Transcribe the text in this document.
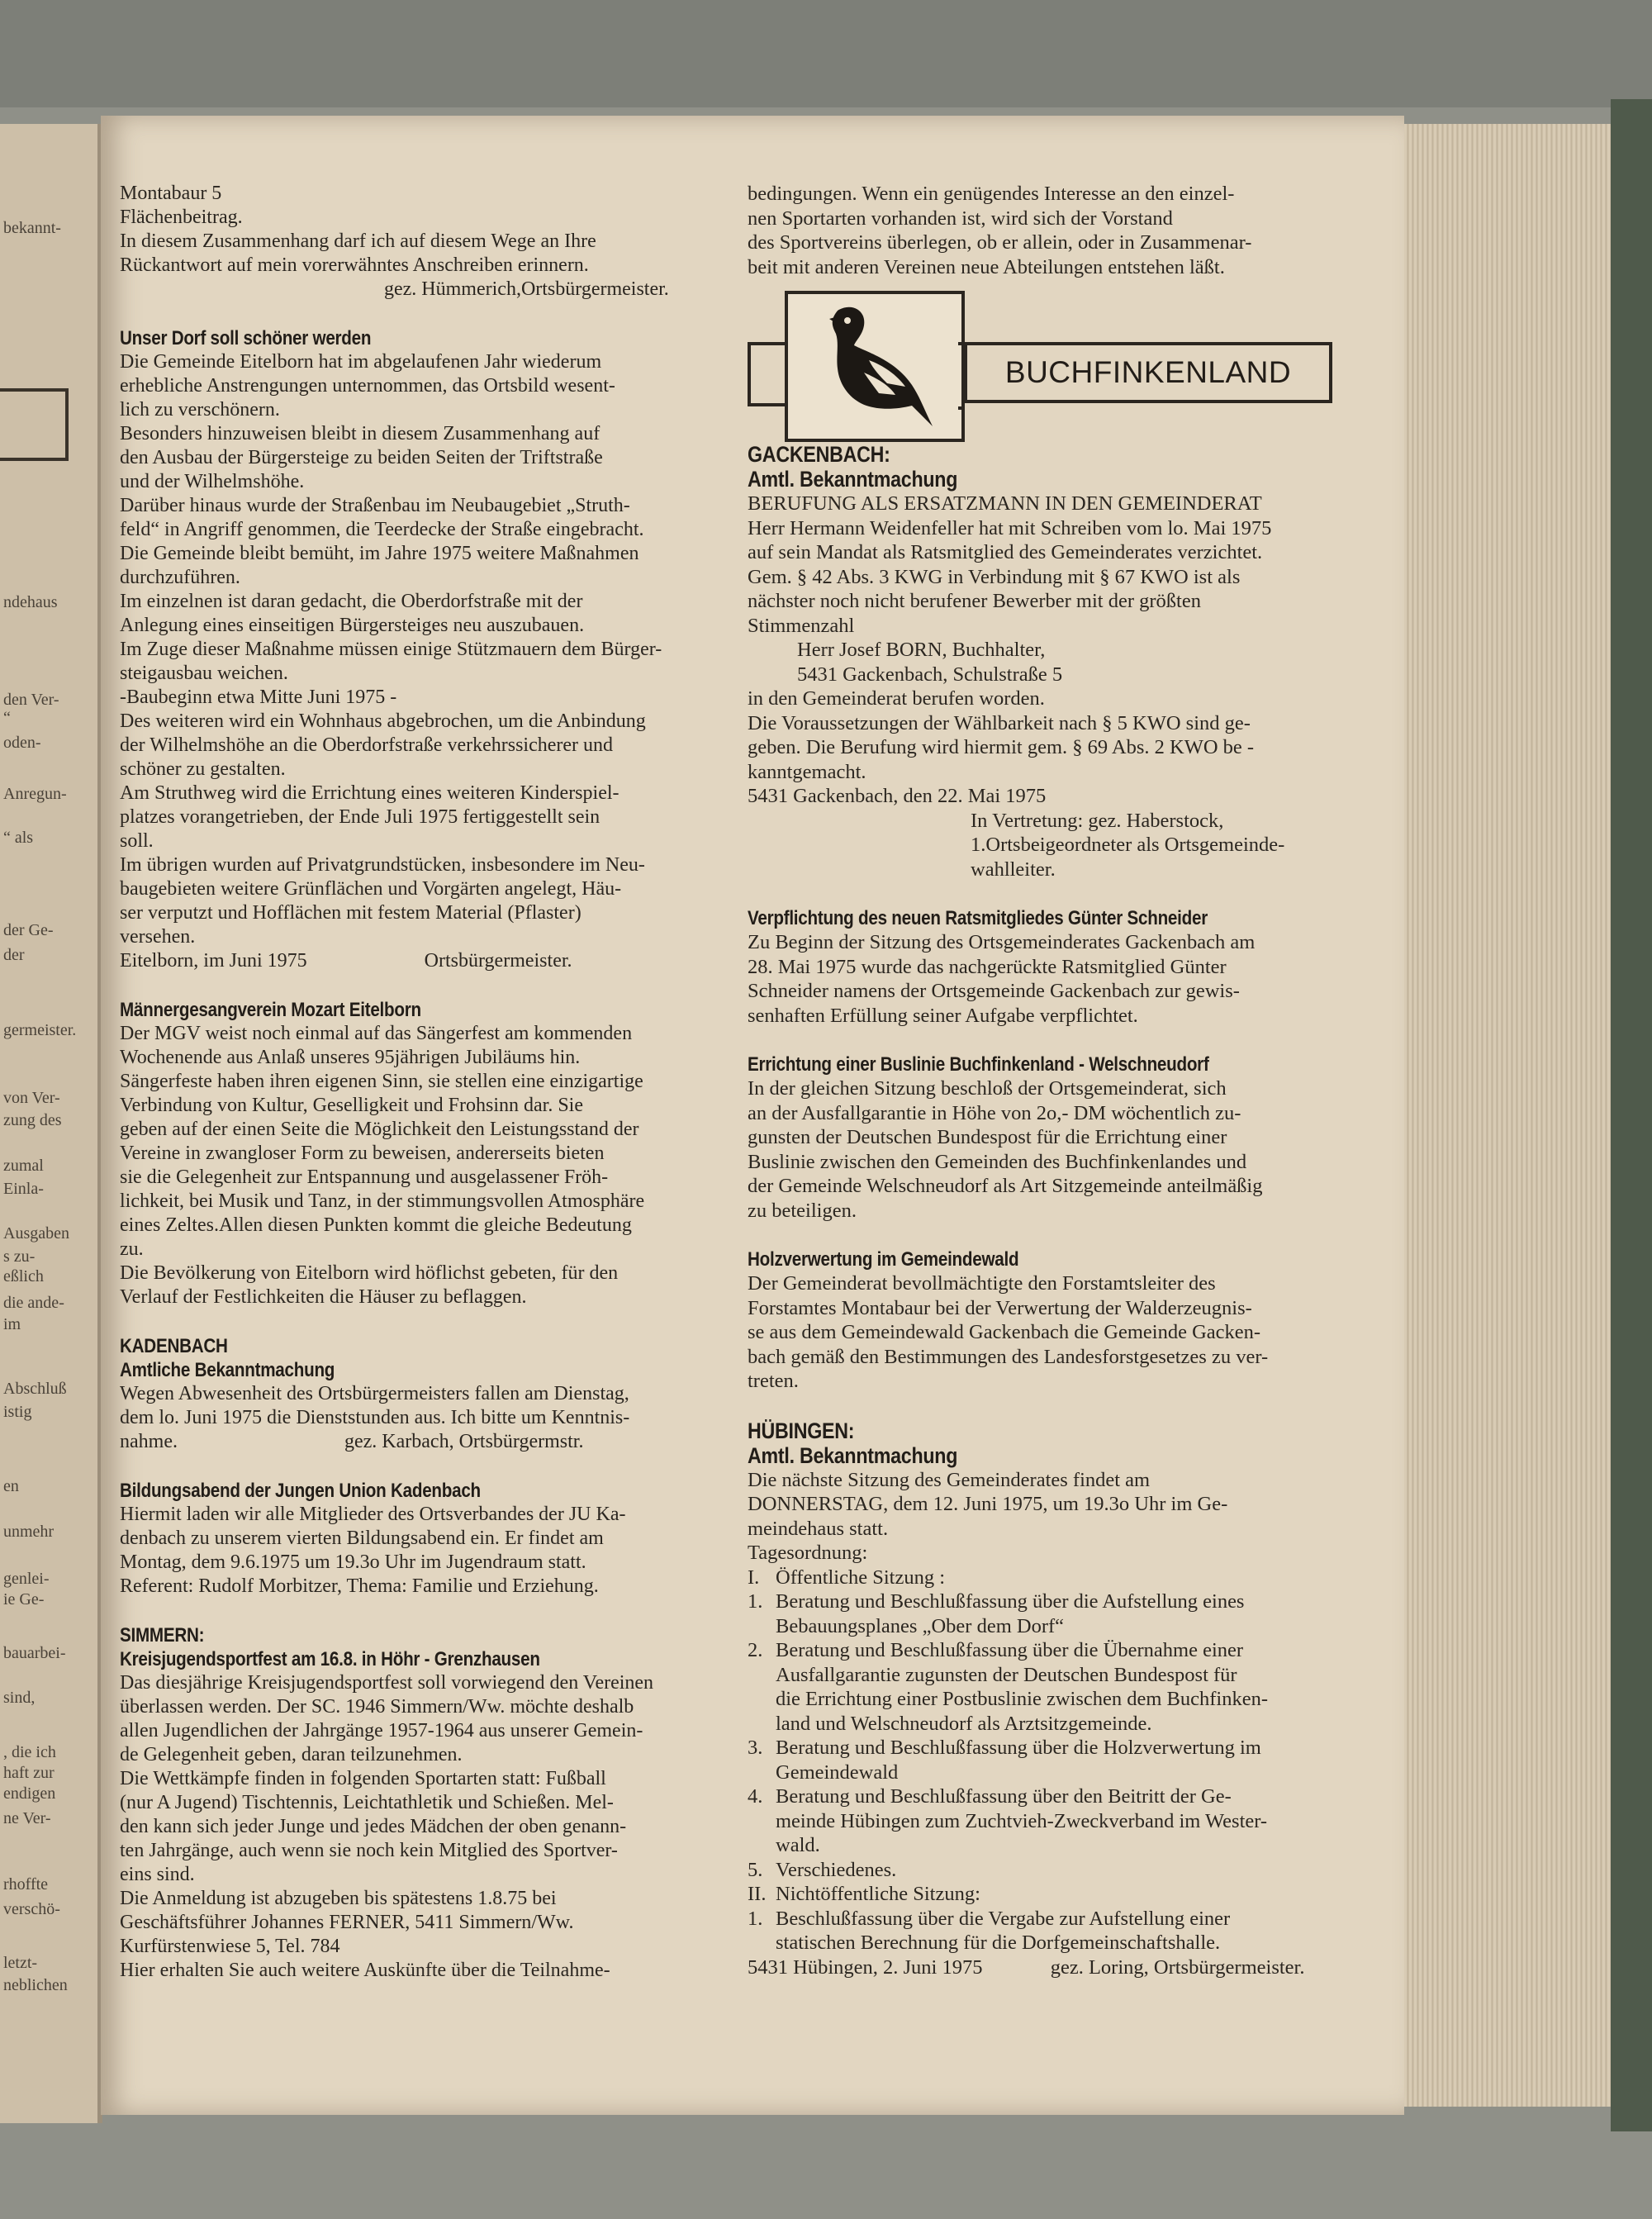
bekannt-
ndehaus
den Ver-
“
oden-
Anregun-
“ als
der Ge-
der
germeister.
von Ver-
zung des
zumal
Einla-
Ausgaben
s zu-
eßlich
die ande-
im
Abschluß
istig
en
unmehr
genlei-
ie Ge-
bauarbei-
sind,
, die ich
haft zur
endigen
ne Ver-
rhoffte
verschö-
letzt-
neblichen
Montabaur 5
Flächenbeitrag.
In diesem Zusammenhang darf ich auf diesem Wege an Ihre
Rückantwort auf mein vorerwähntes Anschreiben erinnern.
gez. Hümmerich,Ortsbürgermeister.
Unser Dorf soll schöner werden
Die Gemeinde Eitelborn hat im abgelaufenen Jahr wiederum
erhebliche Anstrengungen unternommen, das Ortsbild wesent-
lich zu verschönern.
Besonders hinzuweisen bleibt in diesem Zusammenhang auf
den Ausbau der Bürgersteige zu beiden Seiten der Triftstraße
und der Wilhelmshöhe.
Darüber hinaus wurde der Straßenbau im Neubaugebiet „Struth-
feld“ in Angriff genommen, die Teerdecke der Straße eingebracht.
Die Gemeinde bleibt bemüht, im Jahre 1975 weitere Maßnahmen
durchzuführen.
Im einzelnen ist daran gedacht, die Oberdorfstraße mit der
Anlegung eines einseitigen Bürgersteiges neu auszubauen.
Im Zuge dieser Maßnahme müssen einige Stützmauern dem Bürger-
steigausbau weichen.
-Baubeginn etwa Mitte Juni 1975 -
Des weiteren wird ein Wohnhaus abgebrochen, um die Anbindung
der Wilhelmshöhe an die Oberdorfstraße verkehrssicherer und
schöner zu gestalten.
Am Struthweg wird die Errichtung eines weiteren Kinderspiel-
platzes vorangetrieben, der Ende Juli 1975 fertiggestellt sein
soll.
Im übrigen wurden auf Privatgrundstücken, insbesondere im Neu-
baugebieten weitere Grünflächen und Vorgärten angelegt, Häu-
ser verputzt und Hofflächen mit festem Material (Pflaster)
versehen.
Eitelborn, im Juni 1975	Ortsbürgermeister.
Männergesangverein Mozart Eitelborn
Der MGV weist noch einmal auf das Sängerfest am kommenden
Wochenende aus Anlaß unseres 95jährigen Jubiläums hin.
Sängerfeste haben ihren eigenen Sinn, sie stellen eine einzigartige
Verbindung von Kultur, Geselligkeit und Frohsinn dar. Sie
geben auf der einen Seite die Möglichkeit den Leistungsstand der
Vereine in zwangloser Form zu beweisen, andererseits bieten
sie die Gelegenheit zur Entspannung und ausgelassener Fröh-
lichkeit, bei Musik und Tanz, in der stimmungsvollen Atmosphäre
eines Zeltes.Allen diesen Punkten kommt die gleiche Bedeutung
zu.
Die Bevölkerung von Eitelborn wird höflichst gebeten, für den
Verlauf der Festlichkeiten die Häuser zu beflaggen.
KADENBACH
Amtliche Bekanntmachung
Wegen Abwesenheit des Ortsbürgermeisters fallen am Dienstag,
dem lo. Juni 1975 die Dienststunden aus. Ich bitte um Kenntnis-
nahme.	gez. Karbach, Ortsbürgermstr.
Bildungsabend der Jungen Union Kadenbach
Hiermit laden wir alle Mitglieder des Ortsverbandes der JU Ka-
denbach zu unserem vierten Bildungsabend ein. Er findet am
Montag, dem 9.6.1975 um 19.3o Uhr im Jugendraum statt.
Referent: Rudolf Morbitzer, Thema: Familie und Erziehung.
SIMMERN:
Kreisjugendsportfest am 16.8. in Höhr - Grenzhausen
Das diesjährige Kreisjugendsportfest soll vorwiegend den Vereinen
überlassen werden. Der SC. 1946 Simmern/Ww. möchte deshalb
allen Jugendlichen der Jahrgänge 1957-1964 aus unserer Gemein-
de Gelegenheit geben, daran teilzunehmen.
Die Wettkämpfe finden in folgenden Sportarten statt: Fußball
(nur A Jugend) Tischtennis, Leichtathletik und Schießen. Mel-
den kann sich jeder Junge und jedes Mädchen der oben genann-
ten Jahrgänge, auch wenn sie noch kein Mitglied des Sportver-
eins sind.
Die Anmeldung ist abzugeben bis spätestens 1.8.75 bei
Geschäftsführer Johannes FERNER, 5411 Simmern/Ww.
Kurfürstenwiese 5, Tel. 784
Hier erhalten Sie auch weitere Auskünfte über die Teilnahme-
bedingungen. Wenn ein genügendes Interesse an den einzel-
nen Sportarten vorhanden ist, wird sich der Vorstand
des Sportvereins überlegen, ob er allein, oder in Zusammenar-
beit mit anderen Vereinen neue Abteilungen entstehen läßt.
BUCHFINKENLAND
GACKENBACH:
Amtl. Bekanntmachung
BERUFUNG ALS ERSATZMANN IN DEN GEMEINDERAT
Herr Hermann Weidenfeller hat mit Schreiben vom lo. Mai 1975
auf sein Mandat als Ratsmitglied des Gemeinderates verzichtet.
Gem. § 42 Abs. 3 KWG in Verbindung mit § 67 KWO ist als
nächster noch nicht berufener Bewerber mit der größten
Stimmenzahl
Herr Josef BORN, Buchhalter,
5431 Gackenbach, Schulstraße 5
in den Gemeinderat berufen worden.
Die Voraussetzungen der Wählbarkeit nach § 5 KWO sind ge-
geben. Die Berufung wird hiermit gem. § 69 Abs. 2 KWO be -
kanntgemacht.
5431 Gackenbach, den 22. Mai 1975
In Vertretung: gez. Haberstock,
1.Ortsbeigeordneter als Ortsgemeinde-
wahlleiter.
Verpflichtung des neuen Ratsmitgliedes Günter Schneider
Zu Beginn der Sitzung des Ortsgemeinderates Gackenbach am
28. Mai 1975 wurde das nachgerückte Ratsmitglied Günter
Schneider namens der Ortsgemeinde Gackenbach zur gewis-
senhaften Erfüllung seiner Aufgabe verpflichtet.
Errichtung einer Buslinie Buchfinkenland - Welschneudorf
In der gleichen Sitzung beschloß der Ortsgemeinderat, sich
an der Ausfallgarantie in Höhe von 2o,- DM wöchentlich zu-
gunsten der Deutschen Bundespost für die Errichtung einer
Buslinie zwischen den Gemeinden des Buchfinkenlandes und
der Gemeinde Welschneudorf als Art Sitzgemeinde anteilmäßig
zu beteiligen.
Holzverwertung im Gemeindewald
Der Gemeinderat bevollmächtigte den Forstamtsleiter des
Forstamtes Montabaur bei der Verwertung der Walderzeugnis-
se aus dem Gemeindewald Gackenbach die Gemeinde Gacken-
bach gemäß den Bestimmungen des Landesforstgesetzes zu ver-
treten.
HÜBINGEN:
Amtl. Bekanntmachung
Die nächste Sitzung des Gemeinderates findet am
DONNERSTAG, dem 12. Juni 1975, um 19.3o Uhr im Ge-
meindehaus statt.
Tagesordnung:
I. Öffentliche Sitzung :
1. Beratung und Beschlußfassung über die Aufstellung eines
Bebauungsplanes „Ober dem Dorf“
2. Beratung und Beschlußfassung über die Übernahme einer
Ausfallgarantie zugunsten der Deutschen Bundespost für
die Errichtung einer Postbuslinie zwischen dem Buchfinken-
land und Welschneudorf als Arztsitzgemeinde.
3. Beratung und Beschlußfassung über die Holzverwertung im
Gemeindewald
4. Beratung und Beschlußfassung über den Beitritt der Ge-
meinde Hübingen zum Zuchtvieh-Zweckverband im Wester-
wald.
5. Verschiedenes.
II. Nichtöffentliche Sitzung:
1. Beschlußfassung über die Vergabe zur Aufstellung einer
statischen Berechnung für die Dorfgemeinschaftshalle.
5431 Hübingen, 2. Juni 1975	gez. Loring, Ortsbürgermeister.
